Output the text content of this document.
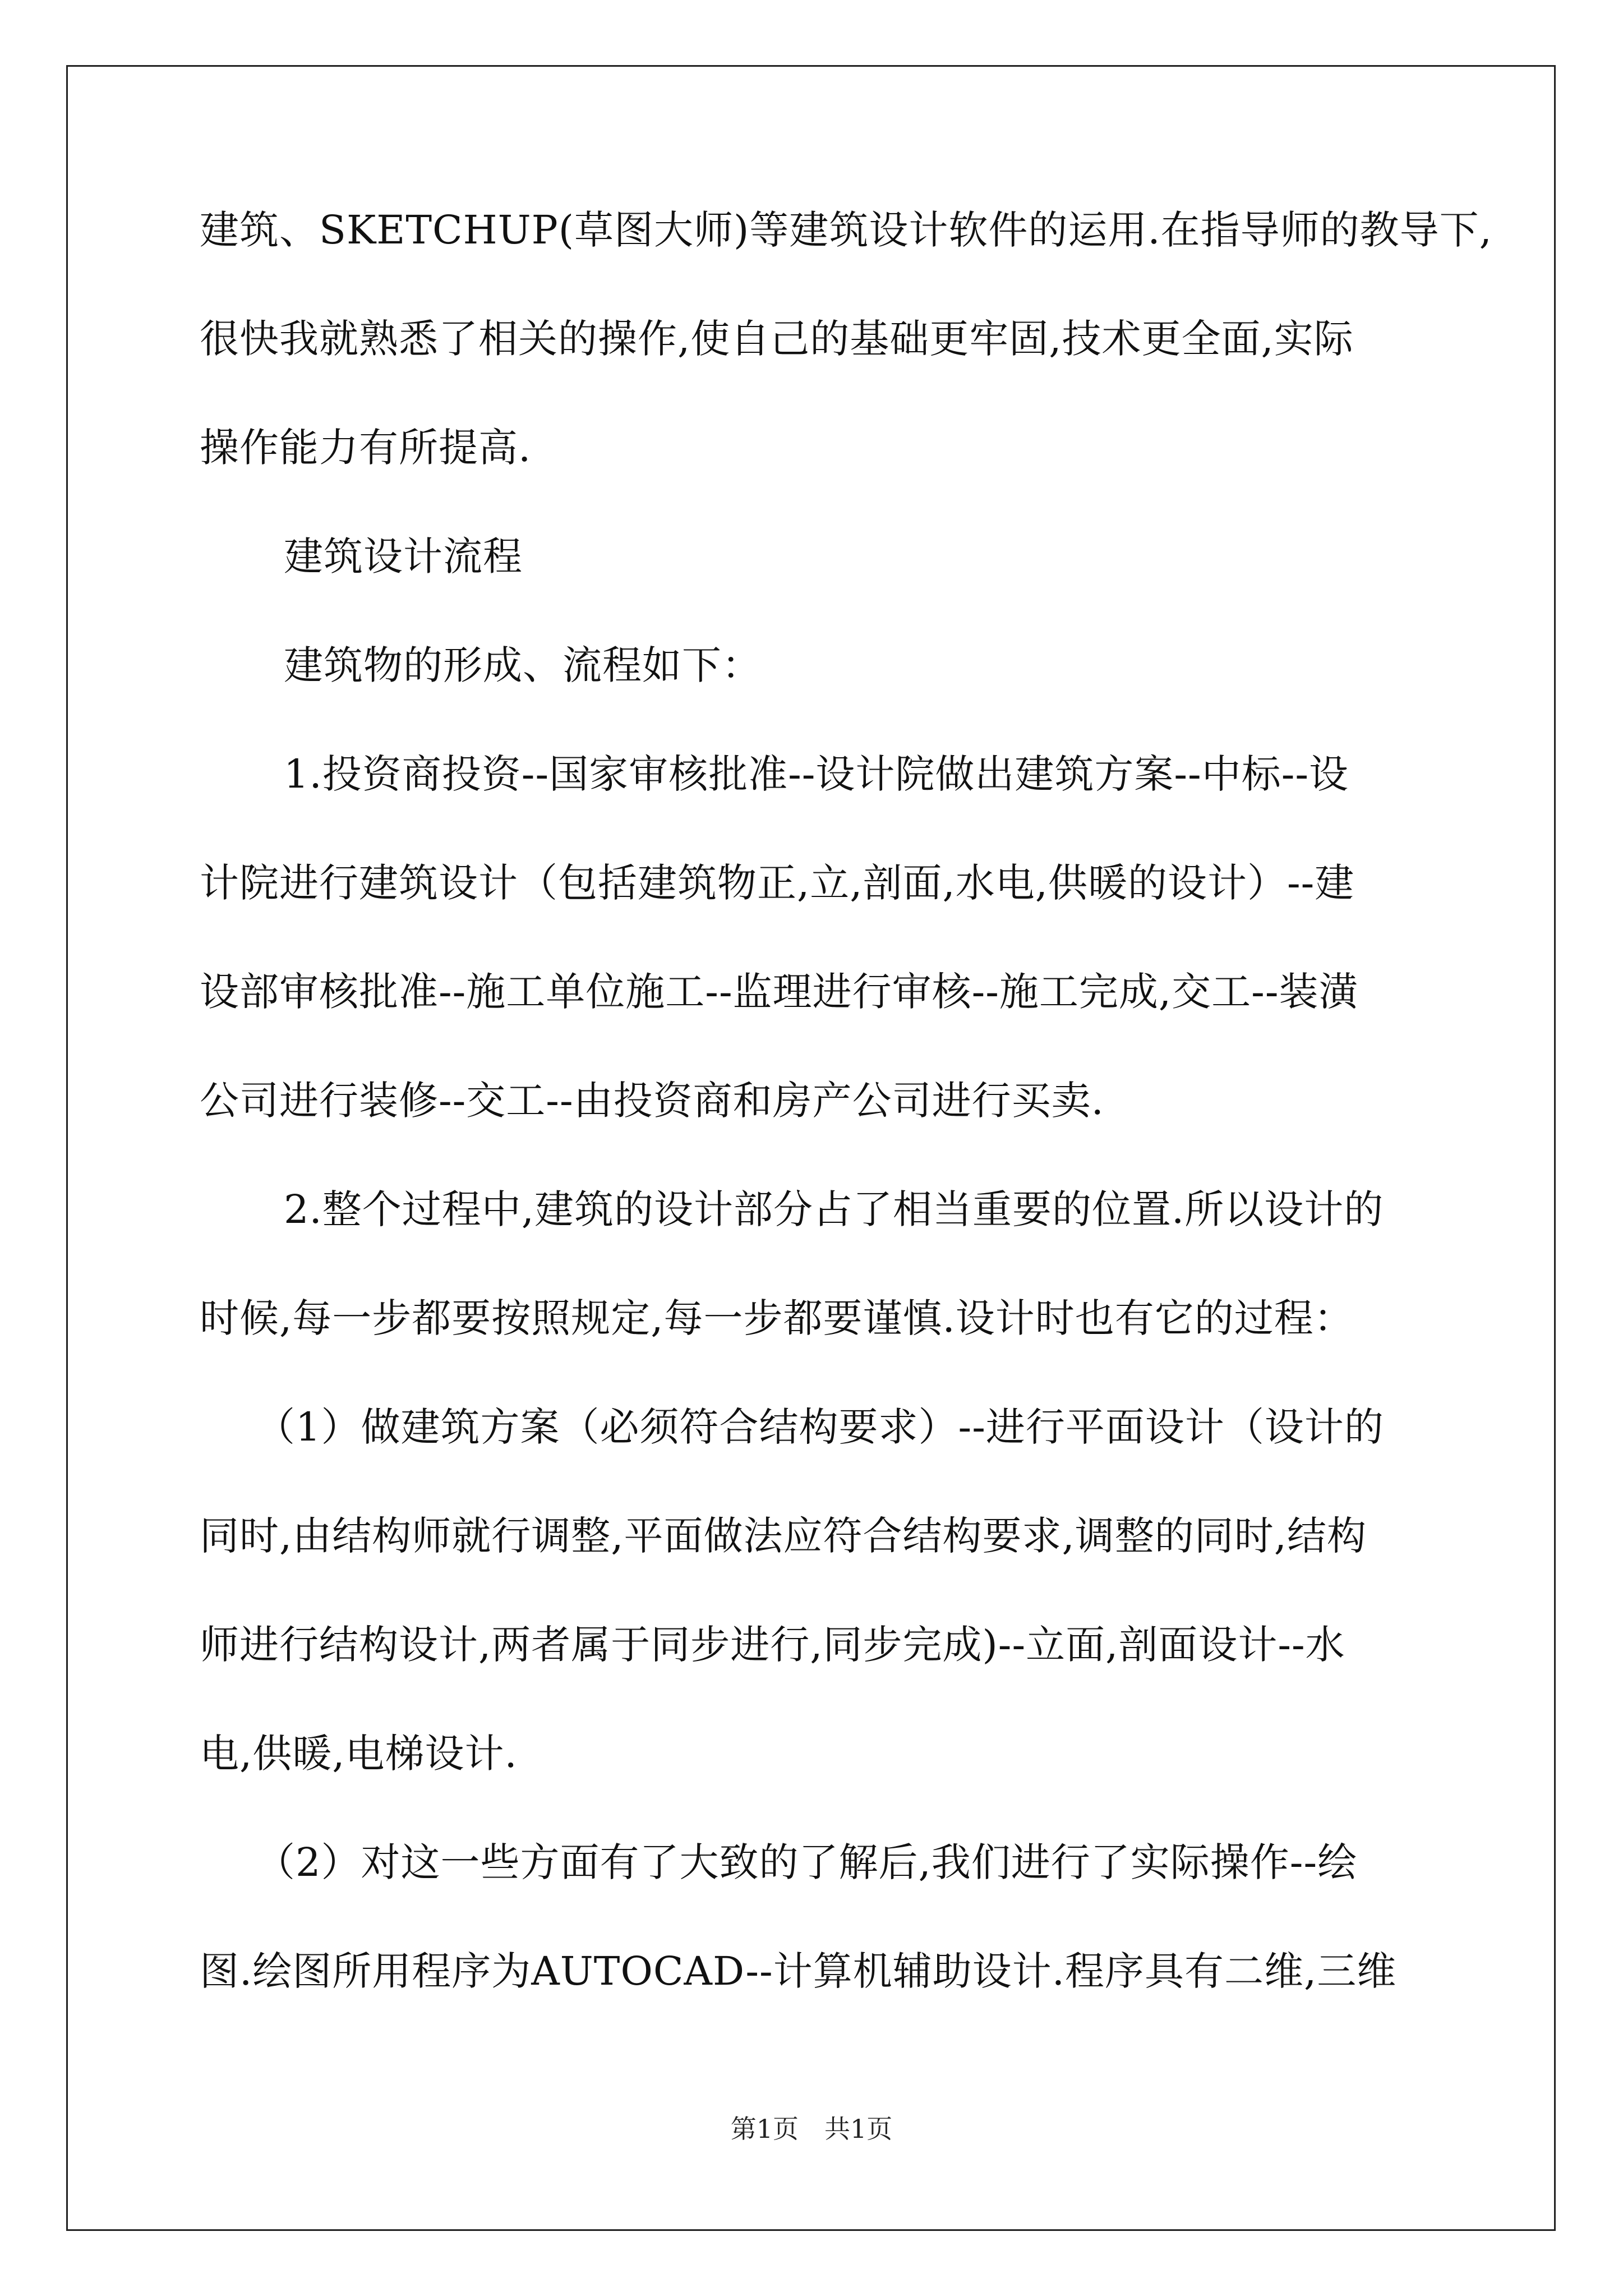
建筑、SKETCHUP(草图大师)等建筑设计软件的运用.在指导师的教导下,
很快我就熟悉了相关的操作,使自己的基础更牢固,技术更全面,实际
操作能力有所提高.
建筑设计流程
建筑物的形成、流程如下：
1.投资商投资--国家审核批准--设计院做出建筑方案--中标--设
计院进行建筑设计（包括建筑物正,立,剖面,水电,供暖的设计）--建
设部审核批准--施工单位施工--监理进行审核--施工完成,交工--装潢
公司进行装修--交工--由投资商和房产公司进行买卖.
2.整个过程中,建筑的设计部分占了相当重要的位置.所以设计的
时候,每一步都要按照规定,每一步都要谨慎.设计时也有它的过程：
（1）做建筑方案（必须符合结构要求）--进行平面设计（设计的
同时,由结构师就行调整,平面做法应符合结构要求,调整的同时,结构
师进行结构设计,两者属于同步进行,同步完成)--立面,剖面设计--水
电,供暖,电梯设计.
（2）对这一些方面有了大致的了解后,我们进行了实际操作--绘
图.绘图所用程序为AUTOCAD--计算机辅助设计.程序具有二维,三维
第1页　共1页
